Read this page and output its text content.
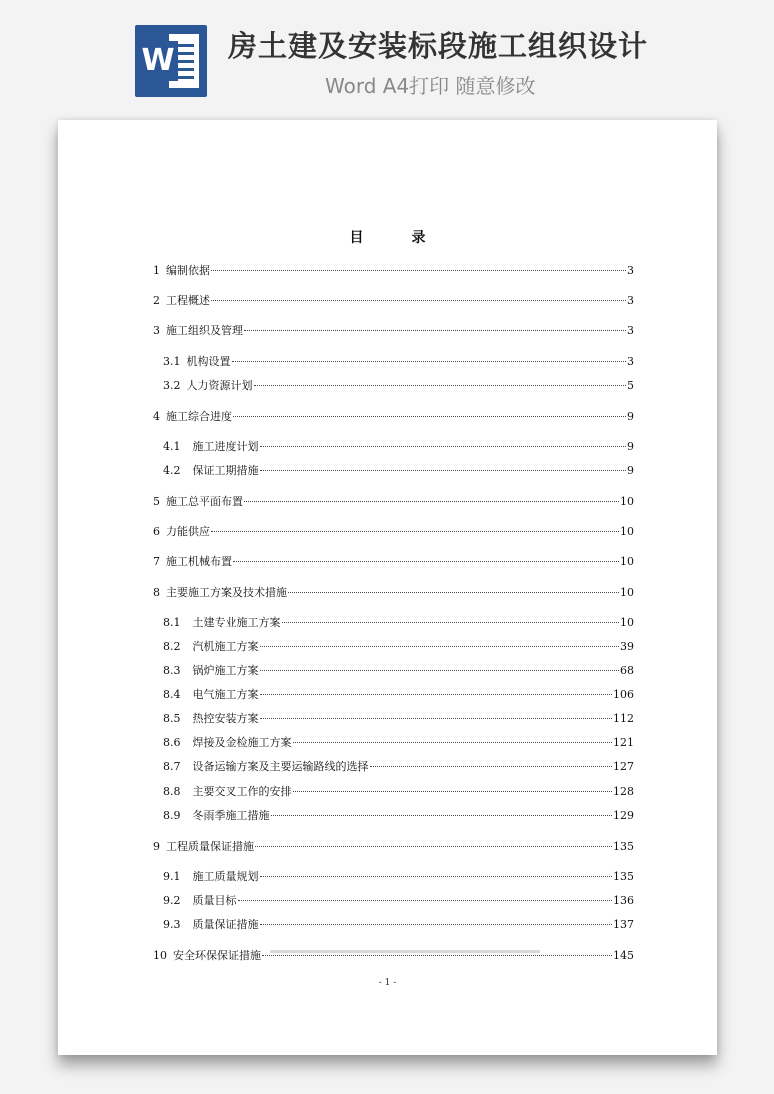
W 房土建及安装标段施工组织设计
Word A4打印 随意修改
目录
1 编制依据	3
2 工程概述	3
3 施工组织及管理	3
3.1 机构设置	3
3.2 人力资源计划	5
4 施工综合进度	9
4.1 施工进度计划	9
4.2 保证工期措施	9
5 施工总平面布置	10
6 力能供应	10
7 施工机械布置	10
8 主要施工方案及技术措施	10
8.1 土建专业施工方案	10
8.2 汽机施工方案	39
8.3 锅炉施工方案	68
8.4 电气施工方案	106
8.5 热控安装方案	112
8.6 焊接及金检施工方案	121
8.7 设备运输方案及主要运输路线的选择	127
8.8 主要交叉工作的安排	128
8.9 冬雨季施工措施	129
9 工程质量保证措施	135
9.1 施工质量规划	135
9.2 质量目标	136
9.3 质量保证措施	137
10 安全环保保证措施	145
- 1 -
